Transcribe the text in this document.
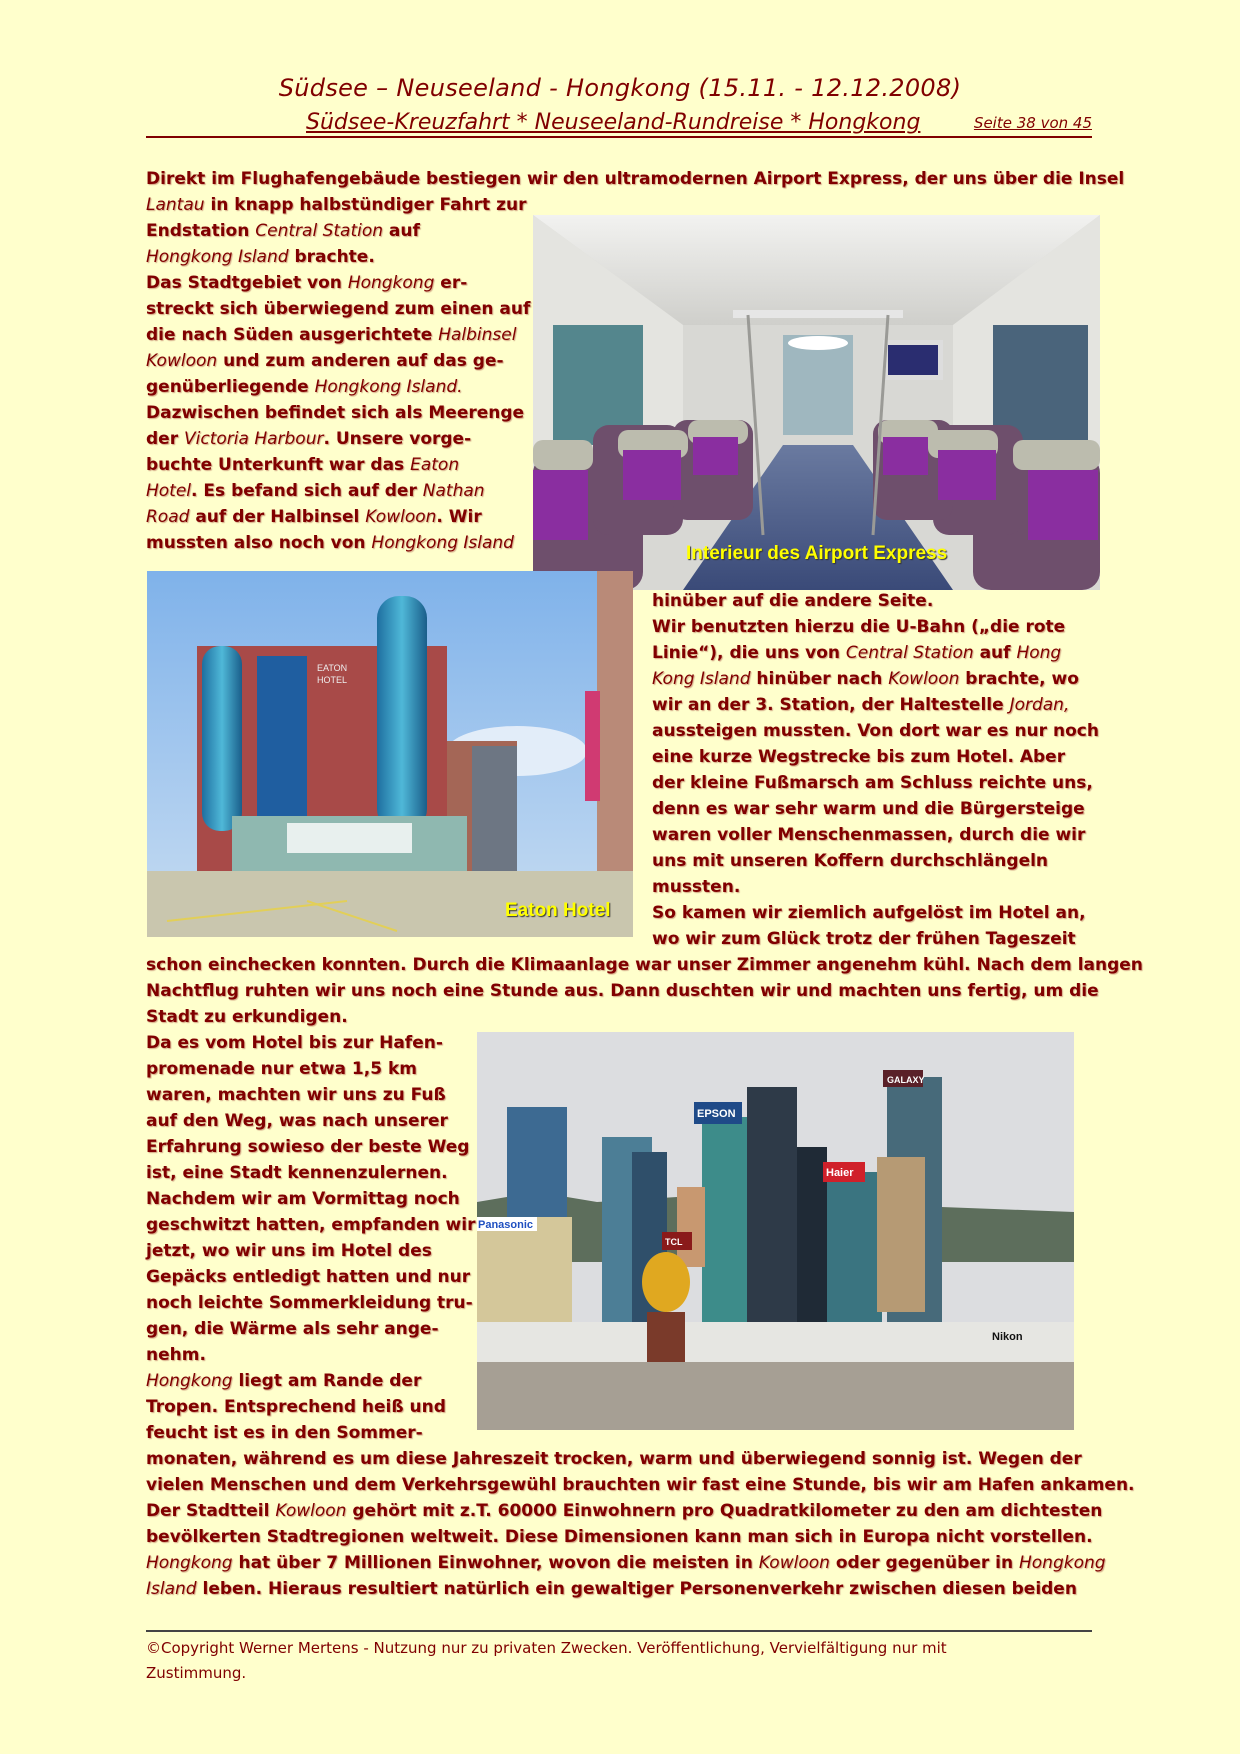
Südsee – Neuseeland - Hongkong (15.11. - 12.12.2008)
Südsee-Kreuzfahrt * Neuseeland-Rundreise * Hongkong	Seite 38 von 45
Direkt im Flughafengebäude bestiegen wir den ultramodernen Airport Express, der uns über die Insel
Lantau in knapp halbstündiger Fahrt zur
Endstation Central Station auf
Hongkong Island brachte.
Das Stadtgebiet von Hongkong er-
streckt sich überwiegend zum einen auf
die nach Süden ausgerichtete Halbinsel
Kowloon und zum anderen auf das ge-
genüberliegende Hongkong Island.
Dazwischen befindet sich als Meerenge
der Victoria Harbour. Unsere vorge-
buchte Unterkunft war das Eaton
Hotel. Es befand sich auf der Nathan
Road auf der Halbinsel Kowloon. Wir
mussten also noch von Hongkong Island
hinüber auf die andere Seite.
Wir benutzten hierzu die U-Bahn („die rote
Linie“), die uns von Central Station auf Hong
Kong Island hinüber nach Kowloon brachte, wo
wir an der 3. Station, der Haltestelle Jordan,
aussteigen mussten. Von dort war es nur noch
eine kurze Wegstrecke bis zum Hotel. Aber
der kleine Fußmarsch am Schluss reichte uns,
denn es war sehr warm und die Bürgersteige
waren voller Menschenmassen, durch die wir
uns mit unseren Koffern durchschlängeln
mussten.
So kamen wir ziemlich aufgelöst im Hotel an,
wo wir zum Glück trotz der frühen Tageszeit
schon einchecken konnten. Durch die Klimaanlage war unser Zimmer angenehm kühl. Nach dem langen
Nachtflug ruhten wir uns noch eine Stunde aus. Dann duschten wir und machten uns fertig, um die
Stadt zu erkundigen.
Da es vom Hotel bis zur Hafen-
promenade nur etwa 1,5 km
waren, machten wir uns zu Fuß
auf den Weg, was nach unserer
Erfahrung sowieso der beste Weg
ist, eine Stadt kennenzulernen.
Nachdem wir am Vormittag noch
geschwitzt hatten, empfanden wir
jetzt, wo wir uns im Hotel des
Gepäcks entledigt hatten und nur
noch leichte Sommerkleidung tru-
gen, die Wärme als sehr ange-
nehm.
Hongkong liegt am Rande der
Tropen. Entsprechend heiß und
feucht ist es in den Sommer-
monaten, während es um diese Jahreszeit trocken, warm und überwiegend sonnig ist. Wegen der
vielen Menschen und dem Verkehrsgewühl brauchten wir fast eine Stunde, bis wir am Hafen ankamen.
Der Stadtteil Kowloon gehört mit z.T. 60000 Einwohnern pro Quadratkilometer zu den am dichtesten
bevölkerten Stadtregionen weltweit. Diese Dimensionen kann man sich in Europa nicht vorstellen.
Hongkong hat über 7 Millionen Einwohner, wovon die meisten in Kowloon oder gegenüber in Hongkong
Island leben. Hieraus resultiert natürlich ein gewaltiger Personenverkehr zwischen diesen beiden
Interieur des Airport Express
EATON
HOTEL
Eaton Hotel
EPSON
GALAXY
Haier
Panasonic
TCL
Nikon
©Copyright Werner Mertens - Nutzung nur zu privaten Zwecken. Veröffentlichung, Vervielfältigung nur mit
Zustimmung.
